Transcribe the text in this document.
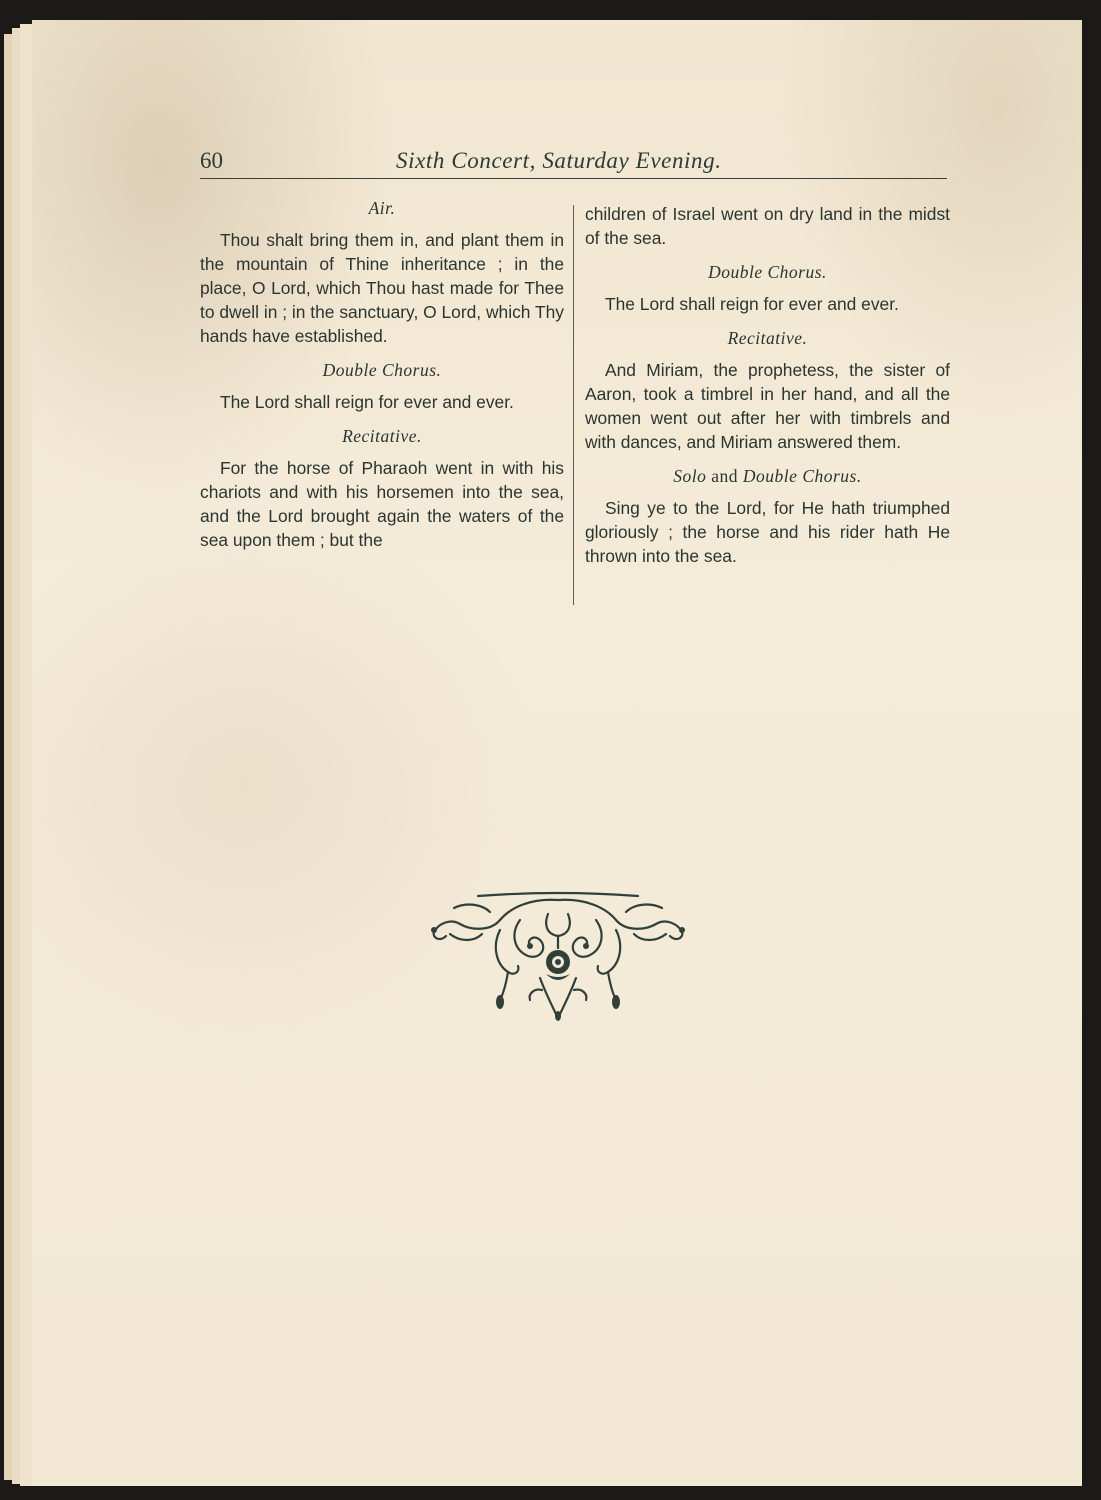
60	Sixth Concert, Saturday Evening.
Air.

Thou shalt bring them in, and plant them in the mountain of Thine inheritance ; in the place, O Lord, which Thou hast made for Thee to dwell in ; in the sanctuary, O Lord, which Thy hands have established.

Double Chorus.

The Lord shall reign for ever and ever.

Recitative.

For the horse of Pharaoh went in with his chariots and with his horsemen into the sea, and the Lord brought again the waters of the sea upon them ; but the

children of Israel went on dry land in the midst of the sea.

Double Chorus.

The Lord shall reign for ever and ever.

Recitative.

And Miriam, the prophetess, the sister of Aaron, took a timbrel in her hand, and all the women went out after her with timbrels and with dances, and Miriam answered them.

Solo and Double Chorus.

Sing ye to the Lord, for He hath triumphed gloriously ; the horse and his rider hath He thrown into the sea.
